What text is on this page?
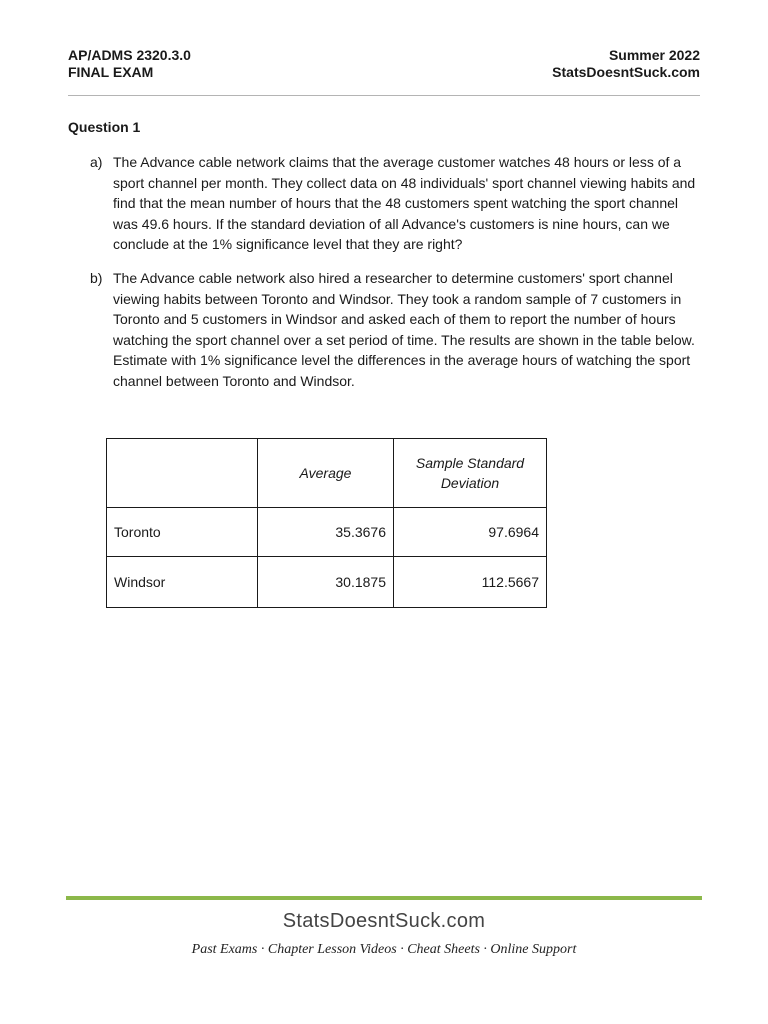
AP/ADMS 2320.3.0
FINAL EXAM
Summer 2022
StatsDoesntSuck.com
Question 1
a) The Advance cable network claims that the average customer watches 48 hours or less of a sport channel per month. They collect data on 48 individuals' sport channel viewing habits and find that the mean number of hours that the 48 customers spent watching the sport channel was 49.6 hours. If the standard deviation of all Advance's customers is nine hours, can we conclude at the 1% significance level that they are right?
b) The Advance cable network also hired a researcher to determine customers' sport channel viewing habits between Toronto and Windsor. They took a random sample of 7 customers in Toronto and 5 customers in Windsor and asked each of them to report the number of hours watching the sport channel over a set period of time. The results are shown in the table below. Estimate with 1% significance level the differences in the average hours of watching the sport channel between Toronto and Windsor.
	Average	Sample Standard Deviation
Toronto	35.3676	97.6964
Windsor	30.1875	112.5667
StatsDoesntSuck.com
Past Exams · Chapter Lesson Videos · Cheat Sheets · Online Support
